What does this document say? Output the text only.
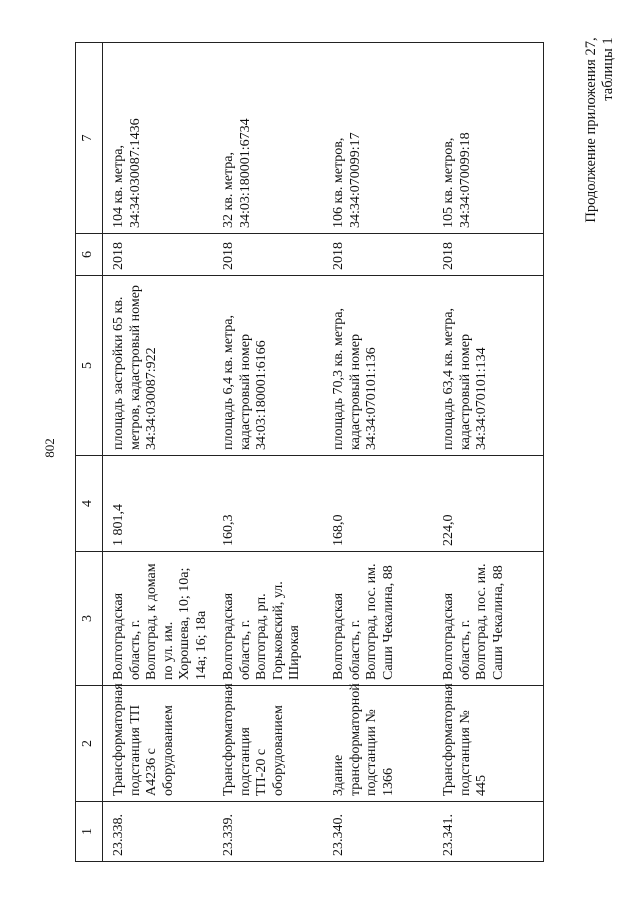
802
Продолжение приложения 27, таблицы 1
1	2	3	4	5	6	7
23.338.	Трансформаторная подстанция ТП А4236 с оборудованием	Волгоградская область, г. Волгоград, к домам по ул. им. Хорошева, 10; 10а; 14а; 16; 18а	1 801,4	площадь застройки 65 кв. метров, кадастровый номер 34:34:030087:922	2018	104 кв. метра, 34:34:030087:1436
23.339.	Трансформаторная подстанция ТП-20 с оборудованием	Волгоградская область, г. Волгоград, рп. Горьковский, ул. Широкая	160,3	площадь 6,4 кв. метра, кадастровый номер 34:03:180001:6166	2018	32 кв. метра, 34:03:180001:6734
23.340.	Здание трансформаторной подстанции № 1366	Волгоградская область, г. Волгоград, пос. им. Саши Чекалина, 88	168,0	площадь 70,3 кв. метра, кадастровый номер 34:34:070101:136	2018	106 кв. метров, 34:34:070099:17
23.341.	Трансформаторная подстанция № 445	Волгоградская область, г. Волгоград, пос. им. Саши Чекалина, 88	224,0	площадь 63,4 кв. метра, кадастровый номер 34:34:070101:134	2018	105 кв. метров, 34:34:070099:18
